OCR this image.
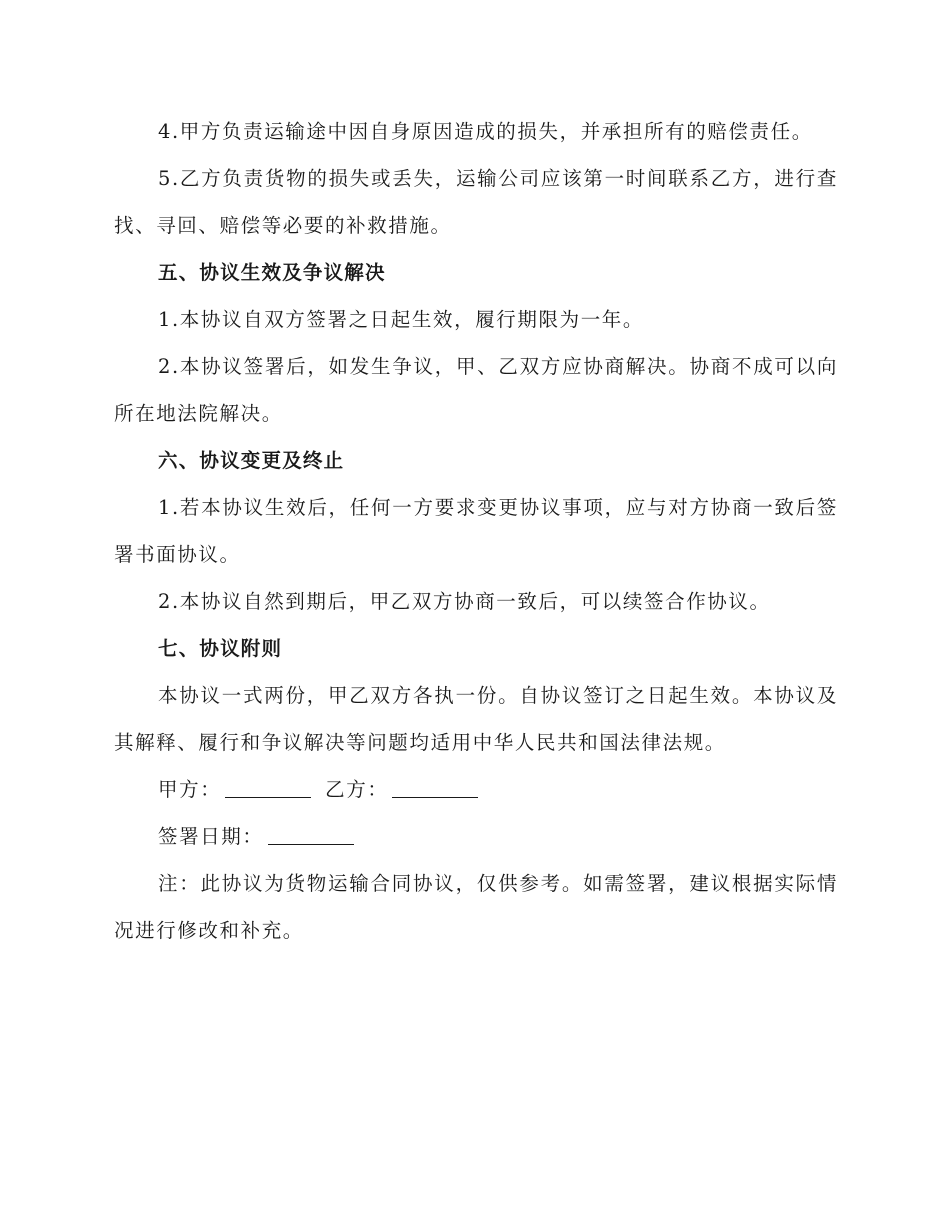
4.甲方负责运输途中因自身原因造成的损失，并承担所有的赔偿责任。

5.乙方负责货物的损失或丢失，运输公司应该第一时间联系乙方，进行查找、寻回、赔偿等必要的补救措施。

五、协议生效及争议解决

1.本协议自双方签署之日起生效，履行期限为一年。

2.本协议签署后，如发生争议，甲、乙双方应协商解决。协商不成可以向所在地法院解决。

六、协议变更及终止

1.若本协议生效后，任何一方要求变更协议事项，应与对方协商一致后签署书面协议。

2.本协议自然到期后，甲乙双方协商一致后，可以续签合作协议。

七、协议附则

本协议一式两份，甲乙双方各执一份。自协议签订之日起生效。本协议及其解释、履行和争议解决等问题均适用中华人民共和国法律法规。

甲方：	乙方：

签署日期：

注：此协议为货物运输合同协议，仅供参考。如需签署，建议根据实际情况进行修改和补充。
